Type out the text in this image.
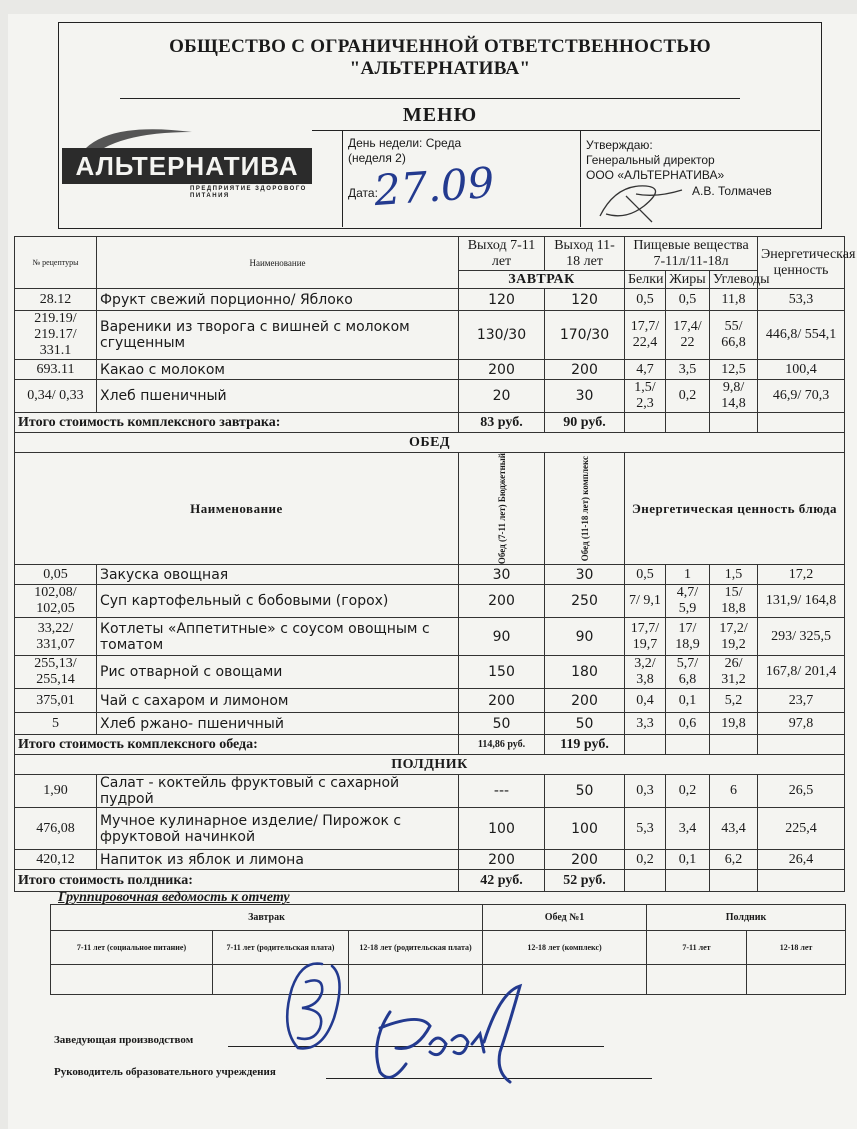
ОБЩЕСТВО С ОГРАНИЧЕННОЙ ОТВЕТСТВЕННОСТЬЮ
"АЛЬТЕРНАТИВА"
МЕНЮ
АЛЬТЕРНАТИВА
ПРЕДПРИЯТИЕ ЗДОРОВОГО ПИТАНИЯ
День недели: Среда
(неделя 2)
Дата:
27.09
Утверждаю:
Генеральный директор
ООО «АЛЬТЕРНАТИВА»
А.В. Толмачев
№ рецептуры	Наименование	Выход 7-11 лет	Выход 11-18 лет	Пищевые вещества 7-11л/11-18л			Энергетическая ценность
		ЗАВТРАК		Белки	Жиры	Углеводы	
28.12	Фрукт свежий порционно/ Яблоко	120	120	0,5	0,5	11,8	53,3
219.19/ 219.17/ 331.1	Вареники из творога с вишней с молоком сгущенным	130/30	170/30	17,7/ 22,4	17,4/ 22	55/ 66,8	446,8/ 554,1
693.11	Какао с молоком	200	200	4,7	3,5	12,5	100,4
0,34/ 0,33	Хлеб пшеничный	20	30	1,5/ 2,3	0,2	9,8/ 14,8	46,9/ 70,3
Итого стоимость комплексного завтрака:		83 руб.	90 руб.				
ОБЕД							
Наименование		Обед (7-11 лет) Бюджетный	Обед (11-18 лет) комплекс	Энергетическая ценность блюда			
0,05	Закуска овощная	30	30	0,5	1	1,5	17,2
102,08/ 102,05	Суп картофельный с бобовыми (горох)	200	250	7/ 9,1	4,7/ 5,9	15/ 18,8	131,9/ 164,8
33,22/ 331,07	Котлеты «Аппетитные» с соусом овощным с томатом	90	90	17,7/ 19,7	17/ 18,9	17,2/ 19,2	293/ 325,5
255,13/ 255,14	Рис отварной с овощами	150	180	3,2/ 3,8	5,7/ 6,8	26/ 31,2	167,8/ 201,4
375,01	Чай с сахаром и лимоном	200	200	0,4	0,1	5,2	23,7
5	Хлеб ржано- пшеничный	50	50	3,3	0,6	19,8	97,8
Итого стоимость комплексного обеда:		114,86 руб.	119 руб.				
ПОЛДНИК							
1,90	Салат - коктейль фруктовый с сахарной пудрой	---	50	0,3	0,2	6	26,5
476,08	Мучное кулинарное изделие/ Пирожок с фруктовой начинкой	100	100	5,3	3,4	43,4	225,4
420,12	Напиток из яблок и лимона	200	200	0,2	0,1	6,2	26,4
Итого стоимость полдника:		42 руб.	52 руб.				
Группировочная ведомость к отчету
Завтрак			Обед №1	Полдник	
7-11 лет (социальное питание)	7-11 лет (родительская плата)	12-18 лет (родительская плата)	12-18 лет (комплекс)	7-11 лет	12-18 лет

Заведующая производством
Руководитель образовательного учреждения
